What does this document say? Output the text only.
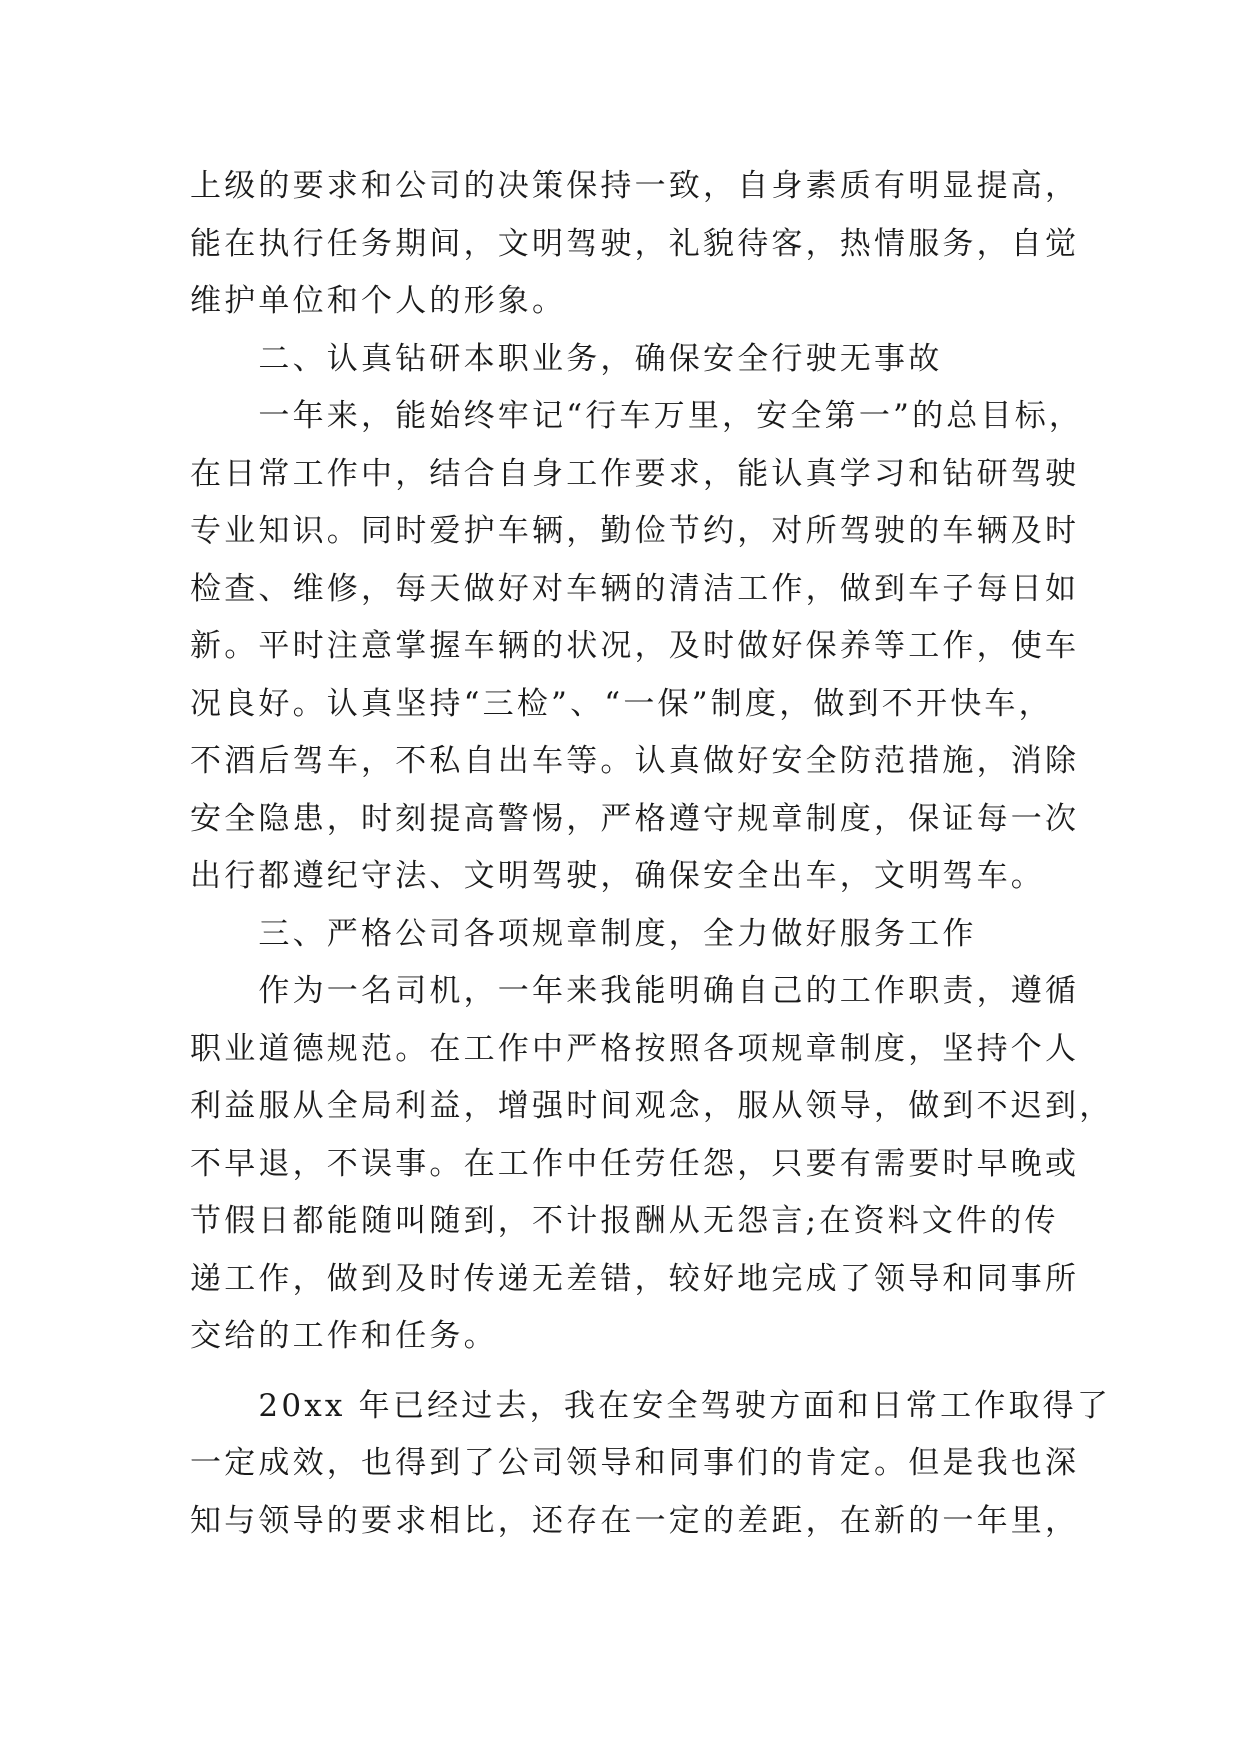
上级的要求和公司的决策保持一致，自身素质有明显提高，
能在执行任务期间，文明驾驶，礼貌待客，热情服务，自觉
维护单位和个人的形象。
　　二、认真钻研本职业务，确保安全行驶无事故
　　一年来，能始终牢记“行车万里，安全第一”的总目标，
在日常工作中，结合自身工作要求，能认真学习和钻研驾驶
专业知识。同时爱护车辆，勤俭节约，对所驾驶的车辆及时
检查、维修，每天做好对车辆的清洁工作，做到车子每日如
新。平时注意掌握车辆的状况，及时做好保养等工作，使车
况良好。认真坚持“三检”、“一保”制度，做到不开快车，
不酒后驾车，不私自出车等。认真做好安全防范措施，消除
安全隐患，时刻提高警惕，严格遵守规章制度，保证每一次
出行都遵纪守法、文明驾驶，确保安全出车，文明驾车。
　　三、严格公司各项规章制度，全力做好服务工作
　　作为一名司机，一年来我能明确自己的工作职责，遵循
职业道德规范。在工作中严格按照各项规章制度，坚持个人
利益服从全局利益，增强时间观念，服从领导，做到不迟到，
不早退，不误事。在工作中任劳任怨，只要有需要时早晚或
节假日都能随叫随到，不计报酬从无怨言;在资料文件的传
递工作，做到及时传递无差错，较好地完成了领导和同事所
交给的工作和任务。
　　20xx 年已经过去，我在安全驾驶方面和日常工作取得了
一定成效，也得到了公司领导和同事们的肯定。但是我也深
知与领导的要求相比，还存在一定的差距，在新的一年里，
